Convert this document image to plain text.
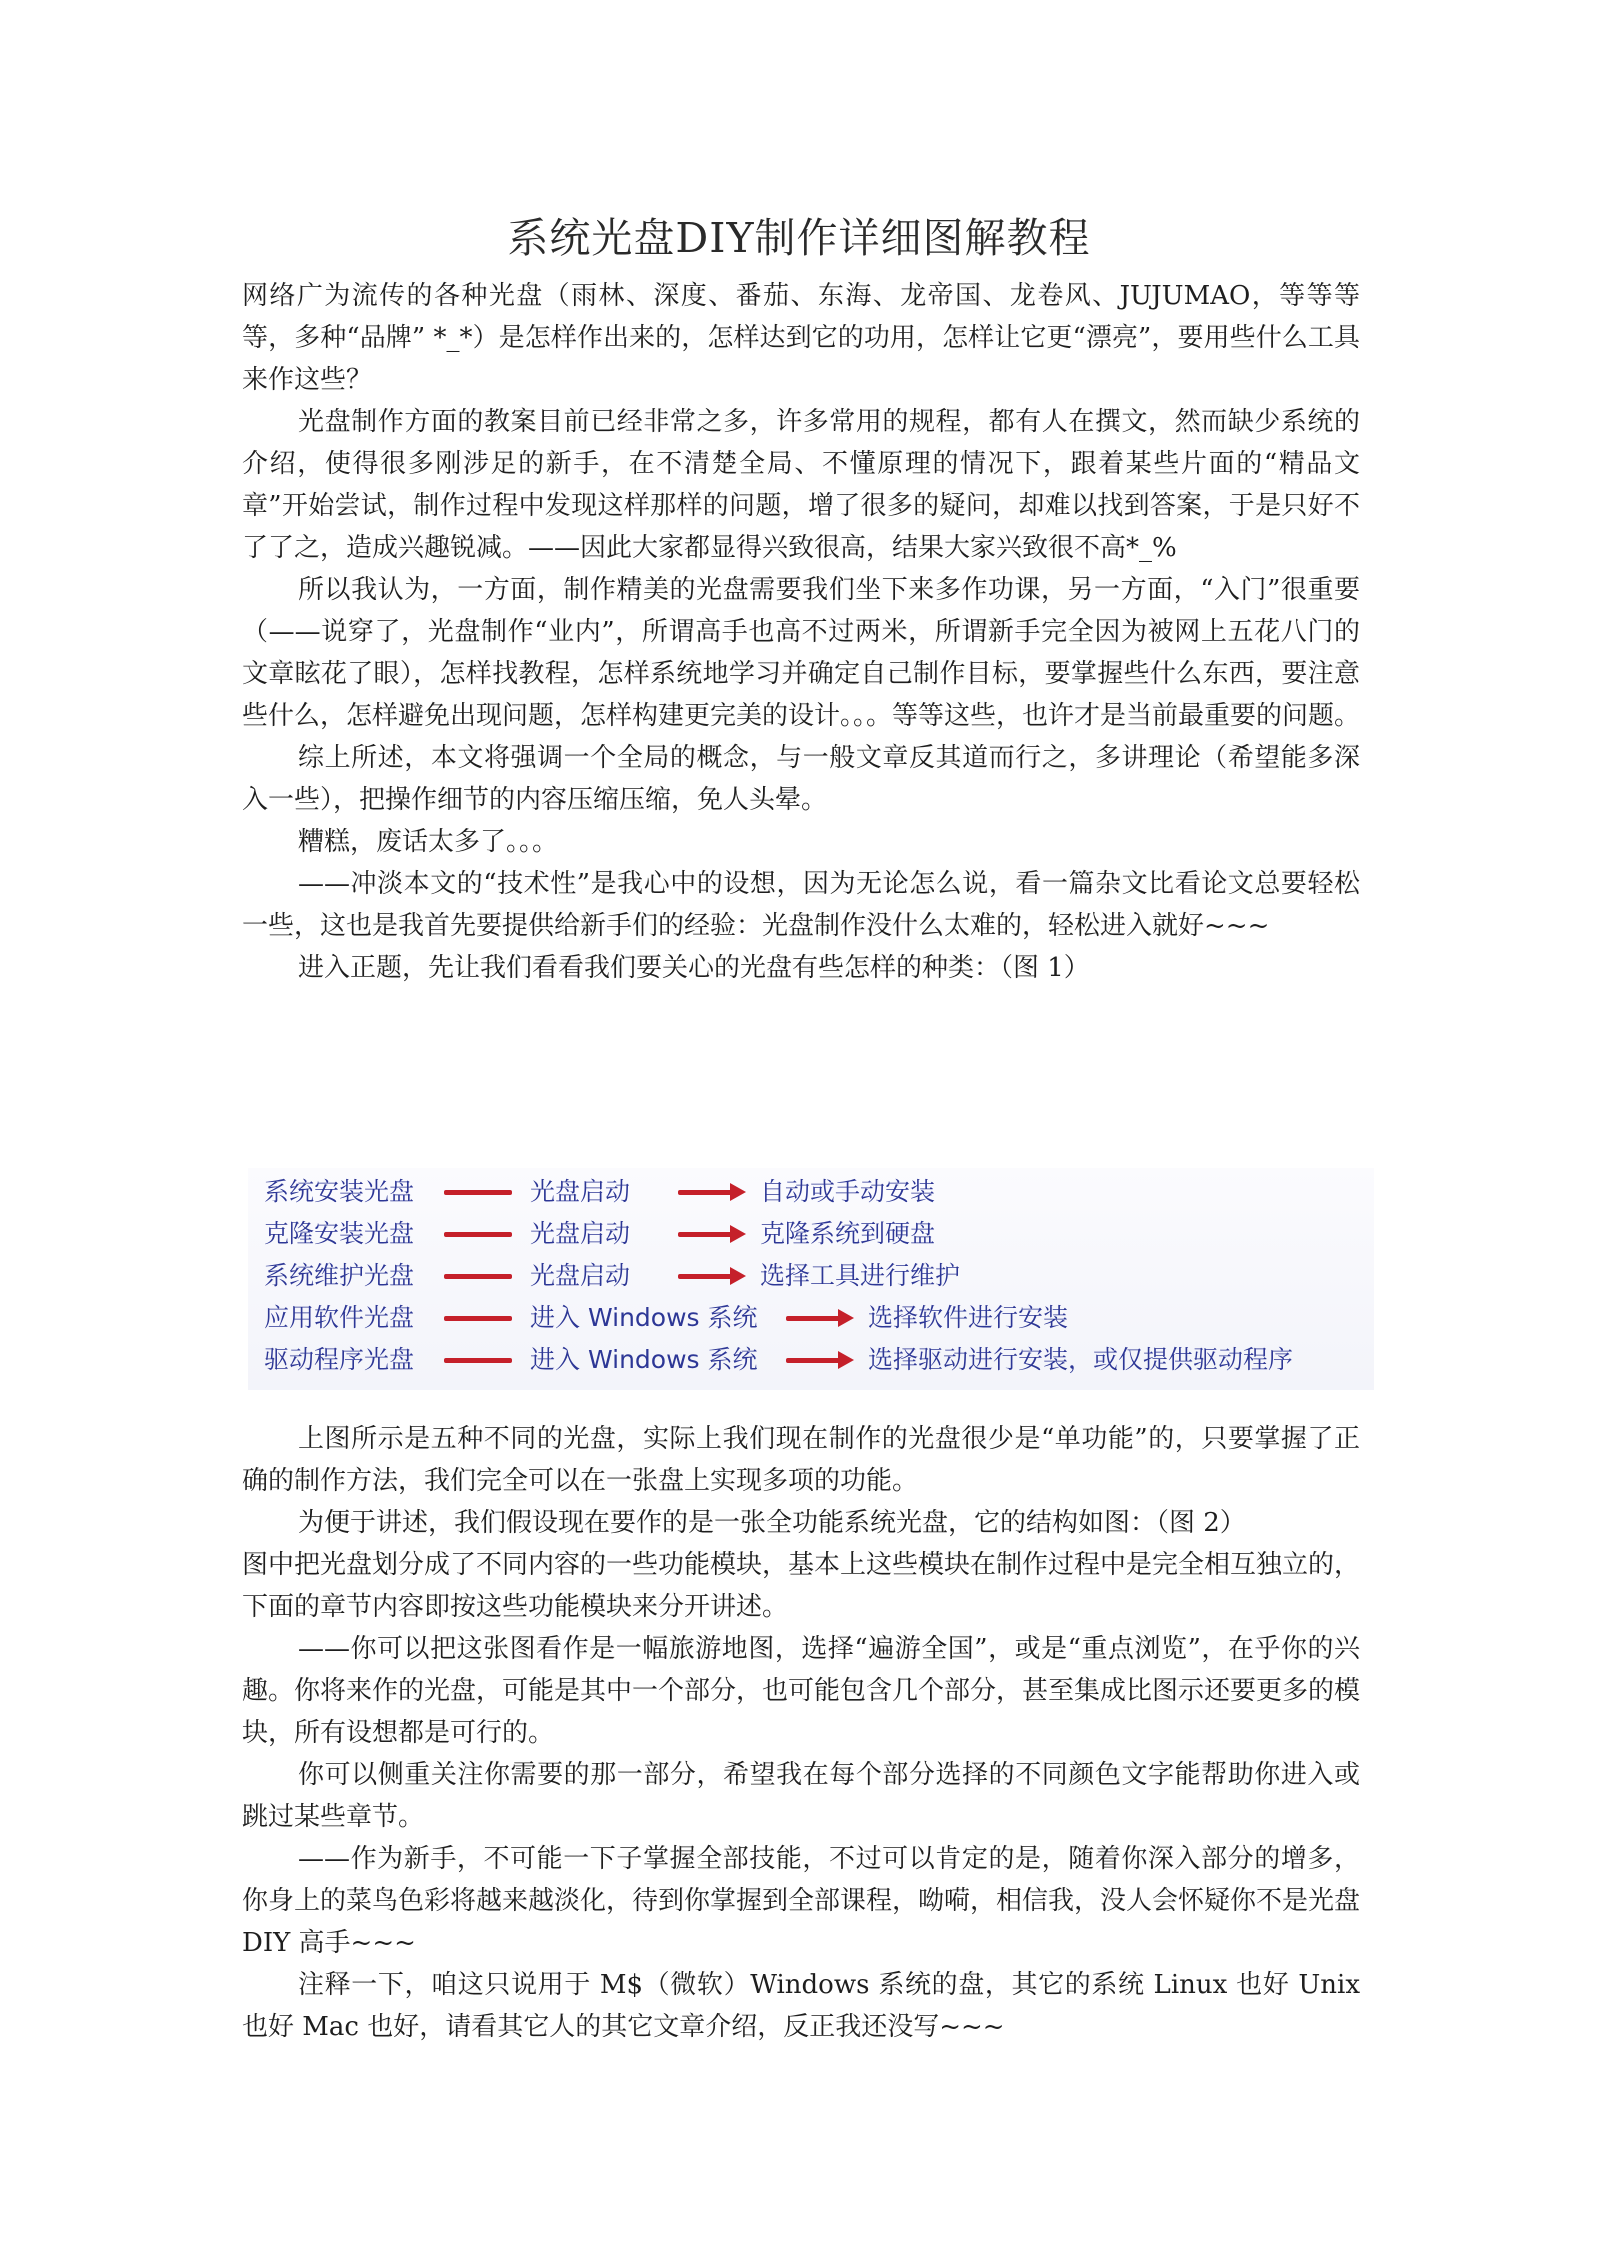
系统光盘DIY制作详细图解教程

网络广为流传的各种光盘（雨林、深度、番茄、东海、龙帝国、龙卷风、JUJUMAO，等等等等，多种“品牌” *_*）是怎样作出来的，怎样达到它的功用，怎样让它更“漂亮”，要用些什么工具来作这些？

光盘制作方面的教案目前已经非常之多，许多常用的规程，都有人在撰文，然而缺少系统的介绍，使得很多刚涉足的新手，在不清楚全局、不懂原理的情况下，跟着某些片面的“精品文章”开始尝试，制作过程中发现这样那样的问题，增了很多的疑问，却难以找到答案，于是只好不了了之，造成兴趣锐减。——因此大家都显得兴致很高，结果大家兴致很不高*_%

所以我认为，一方面，制作精美的光盘需要我们坐下来多作功课，另一方面，“入门”很重要（——说穿了，光盘制作“业内”，所谓高手也高不过两米，所谓新手完全因为被网上五花八门的文章眩花了眼），怎样找教程，怎样系统地学习并确定自己制作目标，要掌握些什么东西，要注意些什么，怎样避免出现问题，怎样构建更完美的设计。。。等等这些，也许才是当前最重要的问题。

综上所述，本文将强调一个全局的概念，与一般文章反其道而行之，多讲理论（希望能多深入一些），把操作细节的内容压缩压缩，免人头晕。

糟糕，废话太多了。。。

——冲淡本文的“技术性”是我心中的设想，因为无论怎么说，看一篇杂文比看论文总要轻松一些，这也是我首先要提供给新手们的经验：光盘制作没什么太难的，轻松进入就好~~~

进入正题，先让我们看看我们要关心的光盘有些怎样的种类：（图 1）

系统安装光盘	光盘启动	自动或手动安装
克隆安装光盘	光盘启动	克隆系统到硬盘
系统维护光盘	光盘启动	选择工具进行维护
应用软件光盘	进入 Windows 系统	选择软件进行安装
驱动程序光盘	进入 Windows 系统	选择驱动进行安装，或仅提供驱动程序

上图所示是五种不同的光盘，实际上我们现在制作的光盘很少是“单功能”的，只要掌握了正确的制作方法，我们完全可以在一张盘上实现多项的功能。

为便于讲述，我们假设现在要作的是一张全功能系统光盘，它的结构如图：（图 2）

图中把光盘划分成了不同内容的一些功能模块，基本上这些模块在制作过程中是完全相互独立的，下面的章节内容即按这些功能模块来分开讲述。

——你可以把这张图看作是一幅旅游地图，选择“遍游全国”，或是“重点浏览”，在乎你的兴趣。你将来作的光盘，可能是其中一个部分，也可能包含几个部分，甚至集成比图示还要更多的模块，所有设想都是可行的。

你可以侧重关注你需要的那一部分，希望我在每个部分选择的不同颜色文字能帮助你进入或跳过某些章节。

——作为新手，不可能一下子掌握全部技能，不过可以肯定的是，随着你深入部分的增多，你身上的菜鸟色彩将越来越淡化，待到你掌握到全部课程，呦嗬，相信我，没人会怀疑你不是光盘 DIY 高手~~~

注释一下，咱这只说用于 M$（微软）Windows 系统的盘，其它的系统 Linux 也好 Unix 也好 Mac 也好，请看其它人的其它文章介绍，反正我还没写~~~
